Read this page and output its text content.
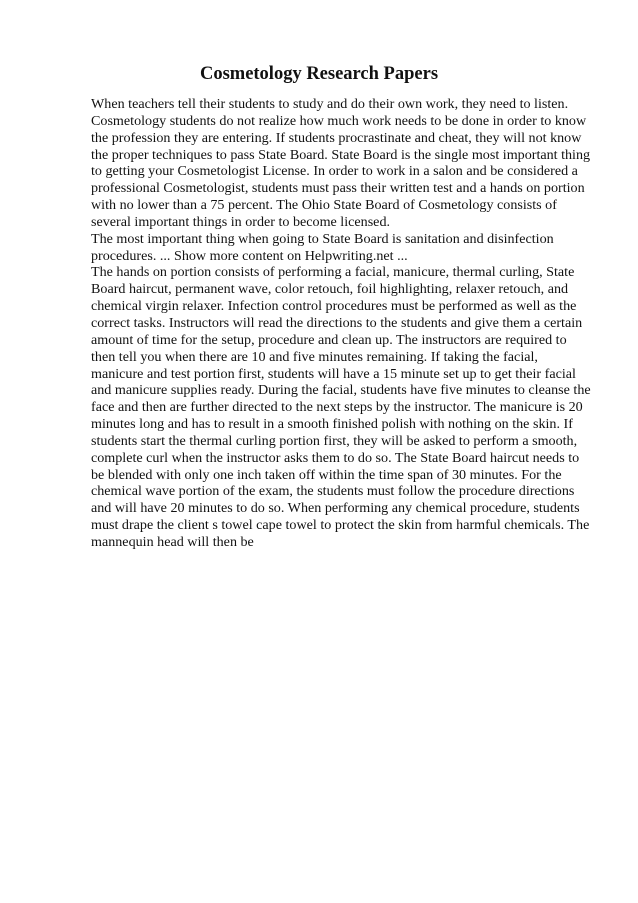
Cosmetology Research Papers

When teachers tell their students to study and do their own work, they need to listen. Cosmetology students do not realize how much work needs to be done in order to know the profession they are entering. If students procrastinate and cheat, they will not know the proper techniques to pass State Board. State Board is the single most important thing to getting your Cosmetologist License. In order to work in a salon and be considered a professional Cosmetologist, students must pass their written test and a hands on portion with no lower than a 75 percent. The Ohio State Board of Cosmetology consists of several important things in order to become licensed.

The most important thing when going to State Board is sanitation and disinfection procedures. ... Show more content on Helpwriting.net ...

The hands on portion consists of performing a facial, manicure, thermal curling, State Board haircut, permanent wave, color retouch, foil highlighting, relaxer retouch, and chemical virgin relaxer. Infection control procedures must be performed as well as the correct tasks. Instructors will read the directions to the students and give them a certain amount of time for the setup, procedure and clean up. The instructors are required to then tell you when there are 10 and five minutes remaining. If taking the facial, manicure and test portion first, students will have a 15 minute set up to get their facial and manicure supplies ready. During the facial, students have five minutes to cleanse the face and then are further directed to the next steps by the instructor. The manicure is 20 minutes long and has to result in a smooth finished polish with nothing on the skin. If students start the thermal curling portion first, they will be asked to perform a smooth, complete curl when the instructor asks them to do so. The State Board haircut needs to be blended with only one inch taken off within the time span of 30 minutes. For the chemical wave portion of the exam, the students must follow the procedure directions and will have 20 minutes to do so. When performing any chemical procedure, students must drape the client s towel cape towel to protect the skin from harmful chemicals. The mannequin head will then be
